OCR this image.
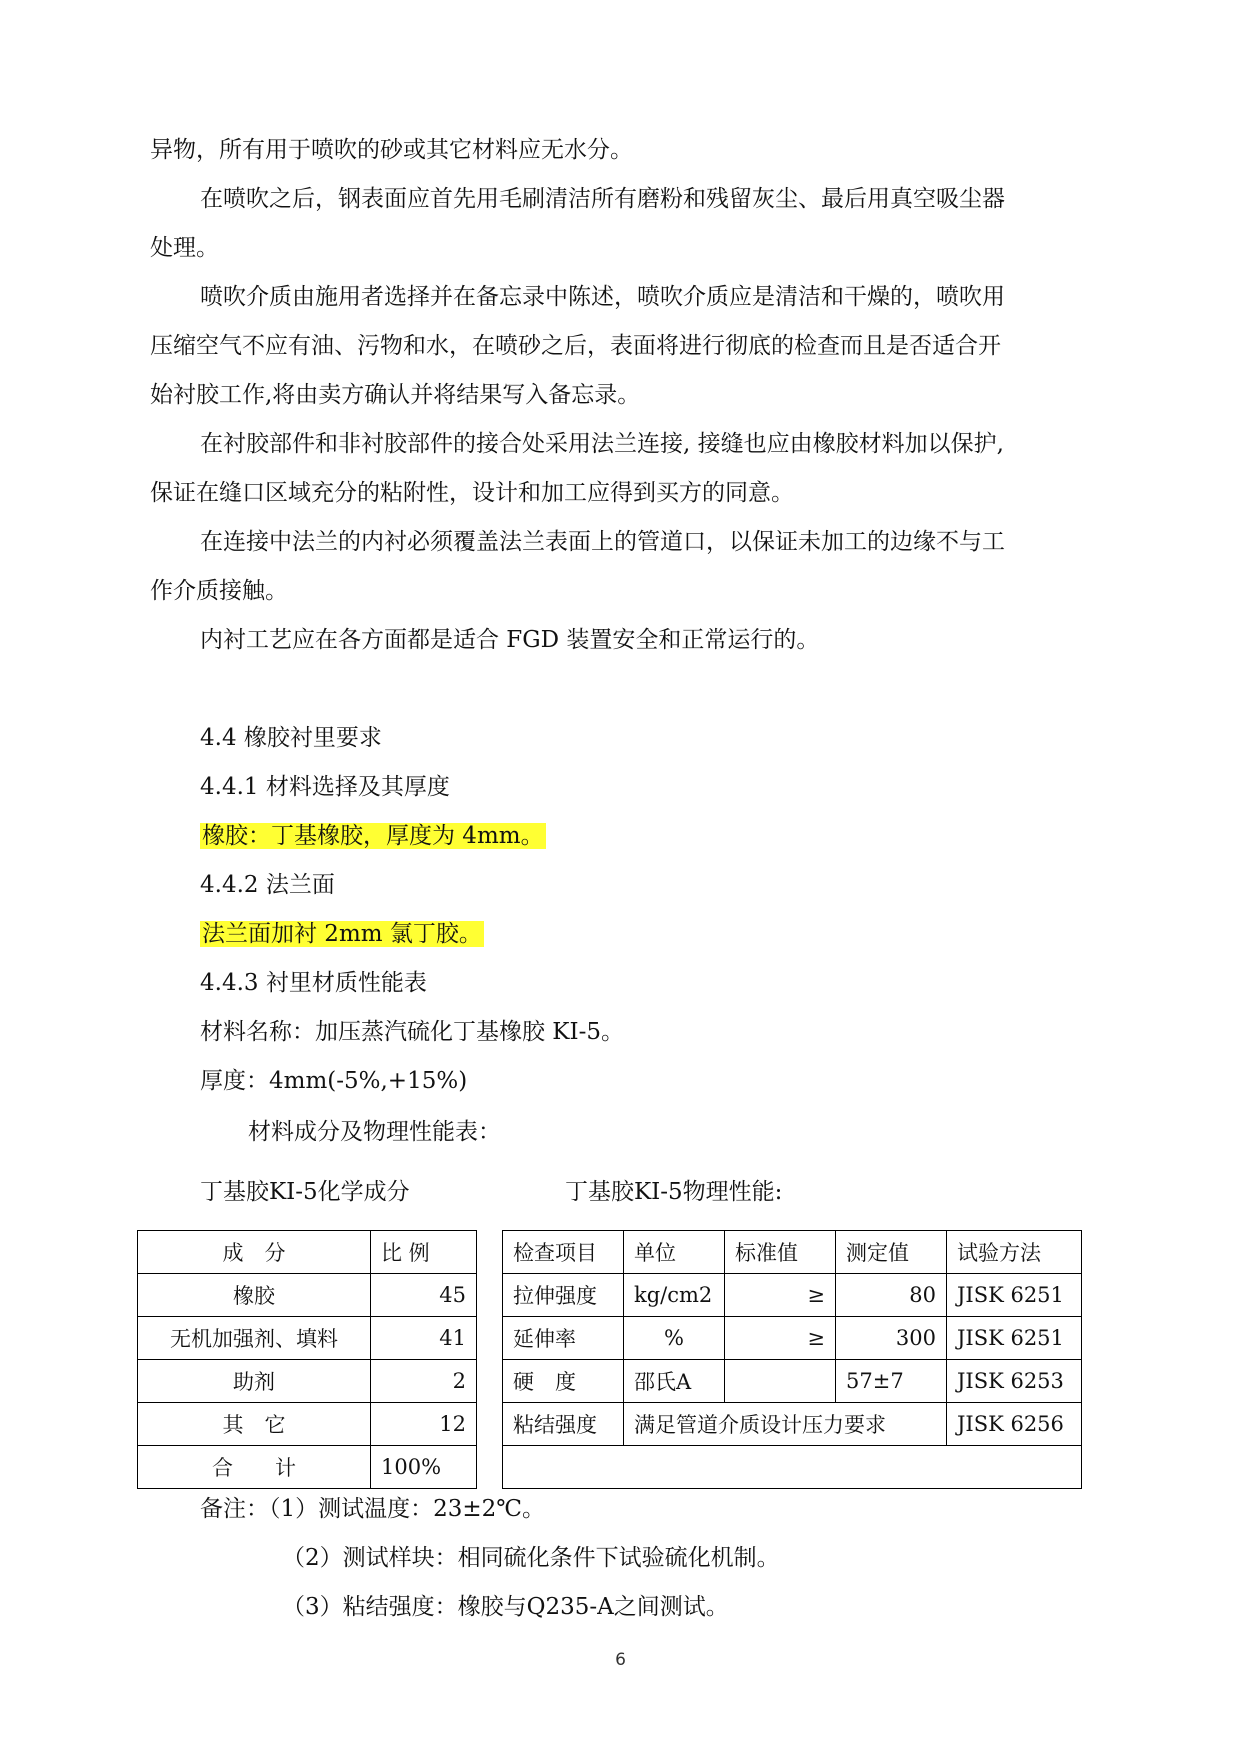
异物，所有用于喷吹的砂或其它材料应无水分。
在喷吹之后，钢表面应首先用毛刷清洁所有磨粉和残留灰尘、最后用真空吸尘器
处理。
喷吹介质由施用者选择并在备忘录中陈述，喷吹介质应是清洁和干燥的，喷吹用
压缩空气不应有油、污物和水，在喷砂之后，表面将进行彻底的检查而且是否适合开
始衬胶工作,将由卖方确认并将结果写入备忘录。
在衬胶部件和非衬胶部件的接合处采用法兰连接, 接缝也应由橡胶材料加以保护,
保证在缝口区域充分的粘附性，设计和加工应得到买方的同意。
在连接中法兰的内衬必须覆盖法兰表面上的管道口，以保证未加工的边缘不与工
作介质接触。
内衬工艺应在各方面都是适合 FGD 装置安全和正常运行的。
4.4 橡胶衬里要求
4.4.1 材料选择及其厚度
橡胶：丁基橡胶，厚度为 4mm。
4.4.2 法兰面
法兰面加衬 2mm 氯丁胶。
4.4.3 衬里材质性能表
材料名称：加压蒸汽硫化丁基橡胶 KI-5。
厚度：4mm(-5%,+15%)
材料成分及物理性能表：
丁基胶KI-5化学成分	丁基胶KI-5物理性能:
成　分	比 例
橡胶	45
无机加强剂、填料	41
助剂	2
其　它	12
合　　计	100%
检查项目	单位	标准值	测定值	试验方法
拉伸强度	kg/cm2	≥	80	JISK 6251
延伸率	%	≥	300	JISK 6251
硬　度	邵氏A		57±7	JISK 6253
粘结强度	满足管道介质设计压力要求			JISK 6256

备注：（1）测试温度：23±2℃。
（2）测试样块：相同硫化条件下试验硫化机制。
（3）粘结强度：橡胶与Q235-A之间测试。
6
